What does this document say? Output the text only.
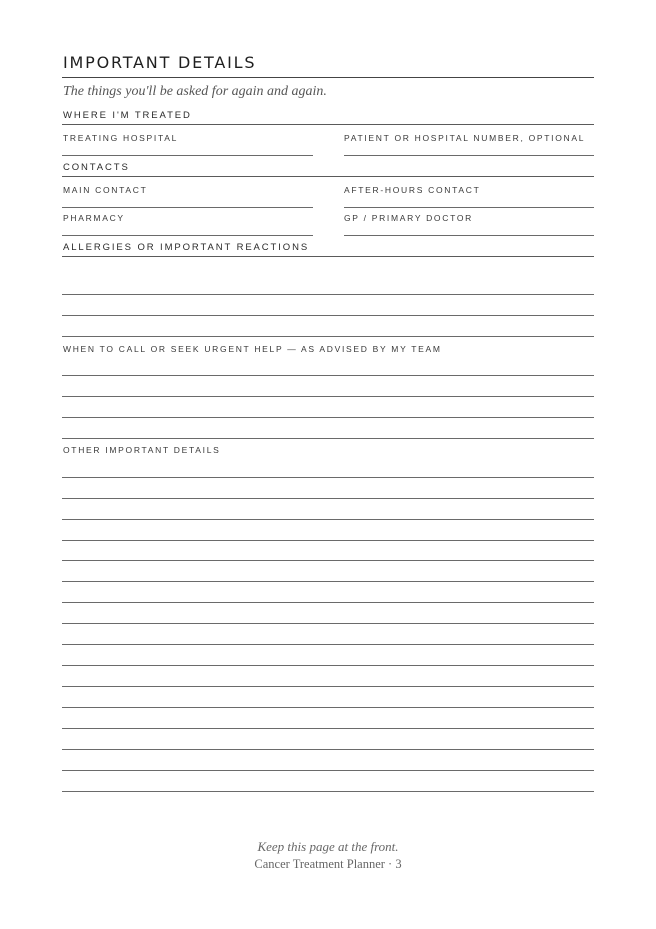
IMPORTANT DETAILS
The things you'll be asked for again and again.
WHERE I'M TREATED
TREATING HOSPITAL	PATIENT OR HOSPITAL NUMBER, OPTIONAL
CONTACTS
MAIN CONTACT	AFTER-HOURS CONTACT
PHARMACY	GP / PRIMARY DOCTOR
ALLERGIES OR IMPORTANT REACTIONS
WHEN TO CALL OR SEEK URGENT HELP — AS ADVISED BY MY TEAM
OTHER IMPORTANT DETAILS
Keep this page at the front.
Cancer Treatment Planner · 3
